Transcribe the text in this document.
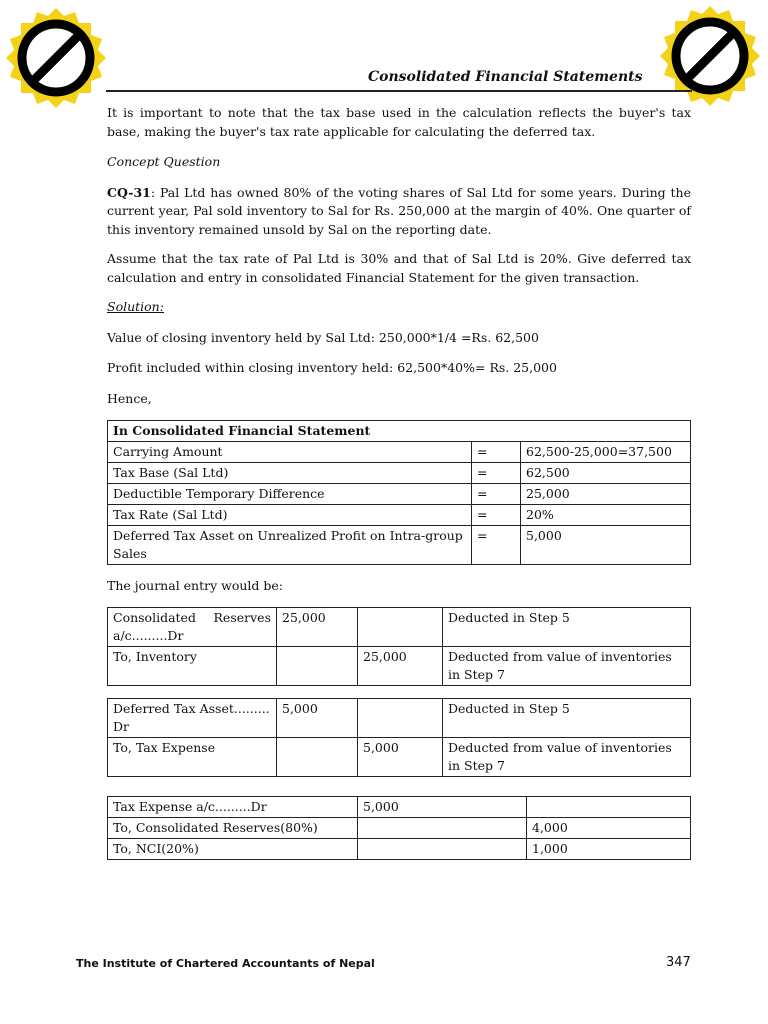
Consolidated Financial Statements

It is important to note that the tax base used in the calculation reflects the buyer's tax base, making the buyer's tax rate applicable for calculating the deferred tax.

Concept Question

CQ-31: Pal Ltd has owned 80% of the voting shares of Sal Ltd for some years. During the current year, Pal sold inventory to Sal for Rs. 250,000 at the margin of 40%. One quarter of this inventory remained unsold by Sal on the reporting date.

Assume that the tax rate of Pal Ltd is 30% and that of Sal Ltd is 20%. Give deferred tax calculation and entry in consolidated Financial Statement for the given transaction.

Solution:

Value of closing inventory held by Sal Ltd: 250,000*1/4 =Rs. 62,500

Profit included within closing inventory held: 62,500*40%= Rs. 25,000

Hence,

In Consolidated Financial Statement		
Carrying Amount	=	62,500-25,000=37,500
Tax Base (Sal Ltd)	=	62,500
Deductible Temporary Difference	=	25,000
Tax Rate (Sal Ltd)	=	20%
Deferred Tax Asset on Unrealized Profit on Intra-group Sales	=	5,000

The journal entry would be:

Consolidated Reserves a/c.........Dr	25,000		Deducted in Step 5
To, Inventory		25,000	Deducted from value of inventories in Step 7
Deferred Tax Asset......... Dr	5,000		Deducted in Step 5
To, Tax Expense		5,000	Deducted from value of inventories in Step 7
Tax Expense a/c.........Dr	5,000	
To, Consolidated Reserves(80%)		4,000
To, NCI(20%)		1,000
The Institute of Chartered Accountants of Nepal	347
